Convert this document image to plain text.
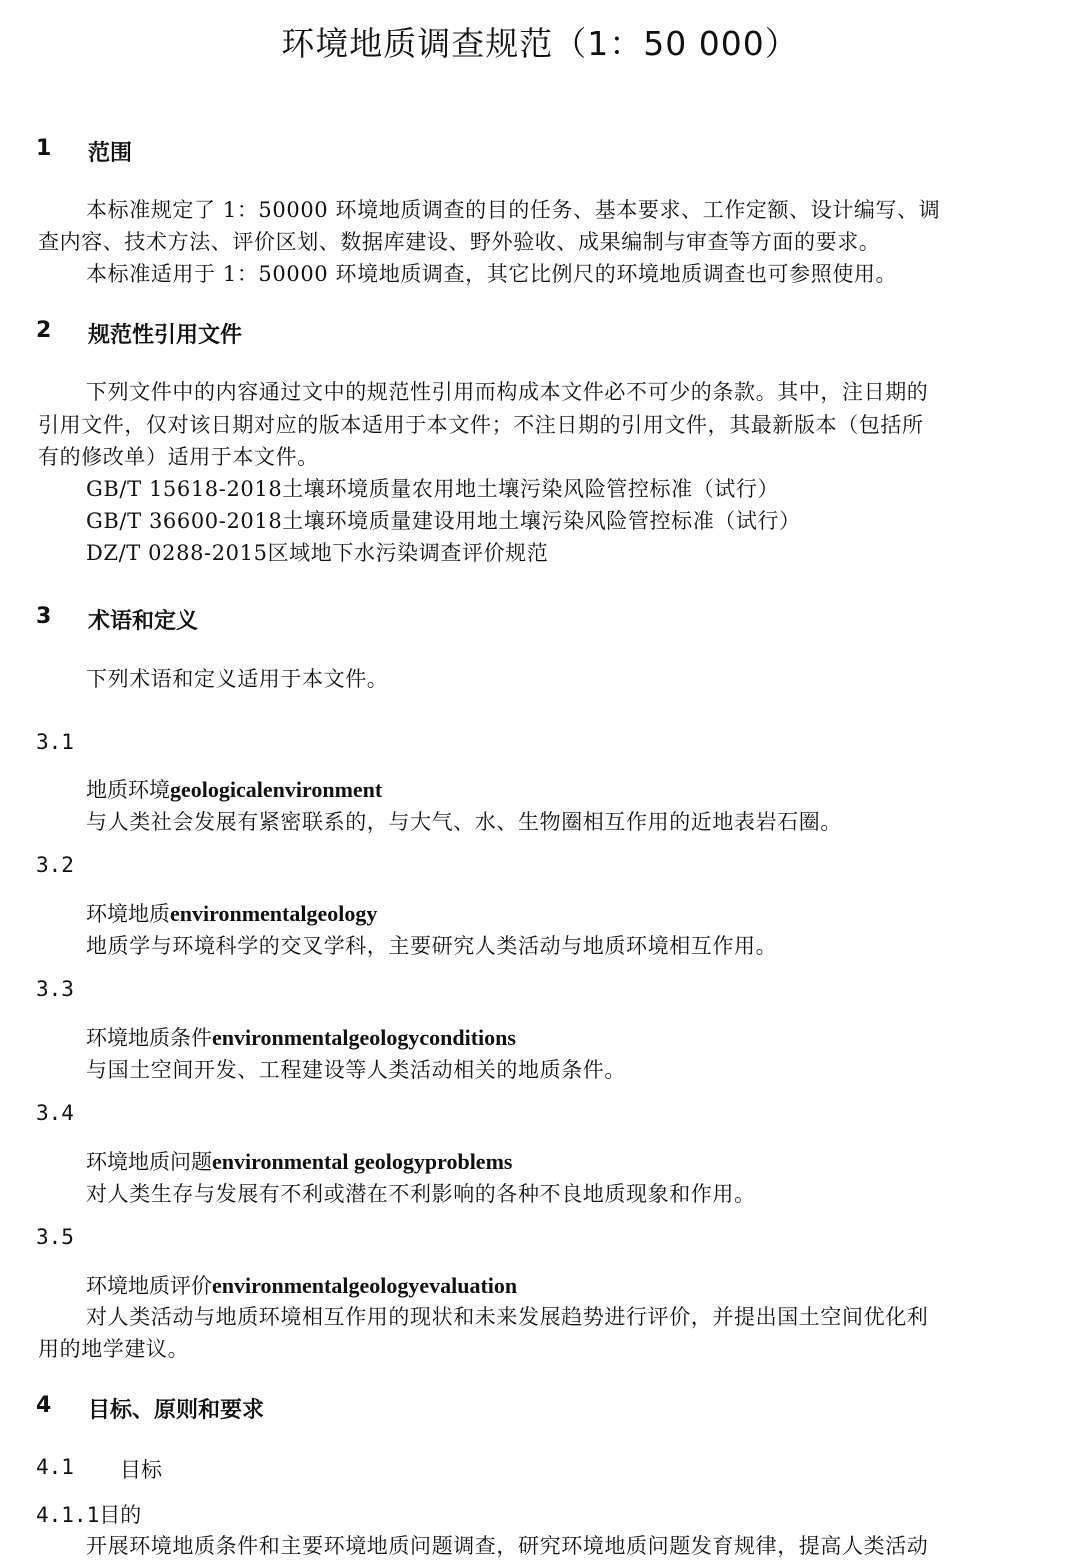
环境地质调查规范（1：50 000）
1 范围
本标准规定了 1：50000 环境地质调查的目的任务、基本要求、工作定额、设计编写、调
查内容、技术方法、评价区划、数据库建设、野外验收、成果编制与审查等方面的要求。
本标准适用于 1：50000 环境地质调查，其它比例尺的环境地质调查也可参照使用。
2 规范性引用文件
下列文件中的内容通过文中的规范性引用而构成本文件必不可少的条款。其中，注日期的
引用文件，仅对该日期对应的版本适用于本文件；不注日期的引用文件，其最新版本（包括所
有的修改单）适用于本文件。
GB/T 15618-2018土壤环境质量农用地土壤污染风险管控标准（试行）
GB/T 36600-2018土壤环境质量建设用地土壤污染风险管控标准（试行）
DZ/T 0288-2015区域地下水污染调查评价规范
3 术语和定义
下列术语和定义适用于本文件。
3.1
地质环境geologicalenvironment
与人类社会发展有紧密联系的，与大气、水、生物圈相互作用的近地表岩石圈。
3.2
环境地质environmentalgeology
地质学与环境科学的交叉学科，主要研究人类活动与地质环境相互作用。
3.3
环境地质条件environmentalgeologyconditions
与国土空间开发、工程建设等人类活动相关的地质条件。
3.4
环境地质问题environmental geologyproblems
对人类生存与发展有不利或潜在不利影响的各种不良地质现象和作用。
3.5
环境地质评价environmentalgeologyevaluation
对人类活动与地质环境相互作用的现状和未来发展趋势进行评价，并提出国土空间优化利
用的地学建议。
4 目标、原则和要求
4.1 目标
4.1.1目的
开展环境地质条件和主要环境地质问题调查，研究环境地质问题发育规律，提高人类活动
